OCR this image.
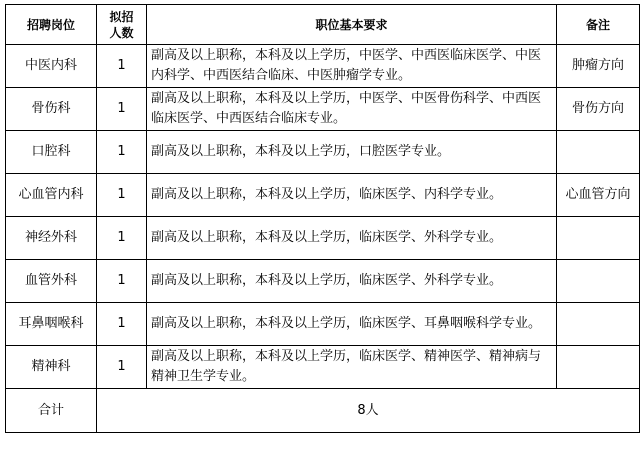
招聘岗位	拟招人数	职位基本要求	备注
中医内科	1	副高及以上职称，本科及以上学历，中医学、中西医临床医学、中医内科学、中西医结合临床、中医肿瘤学专业。	肿瘤方向
骨伤科	1	副高及以上职称，本科及以上学历，中医学、中医骨伤科学、中西医临床医学、中西医结合临床专业。	骨伤方向
口腔科	1	副高及以上职称，本科及以上学历，口腔医学专业。	
心血管内科	1	副高及以上职称，本科及以上学历，临床医学、内科学专业。	心血管方向
神经外科	1	副高及以上职称，本科及以上学历，临床医学、外科学专业。	
血管外科	1	副高及以上职称，本科及以上学历，临床医学、外科学专业。	
耳鼻咽喉科	1	副高及以上职称，本科及以上学历，临床医学、耳鼻咽喉科学专业。	
精神科	1	副高及以上职称，本科及以上学历，临床医学、精神医学、精神病与精神卫生学专业。	
合计	8人		
